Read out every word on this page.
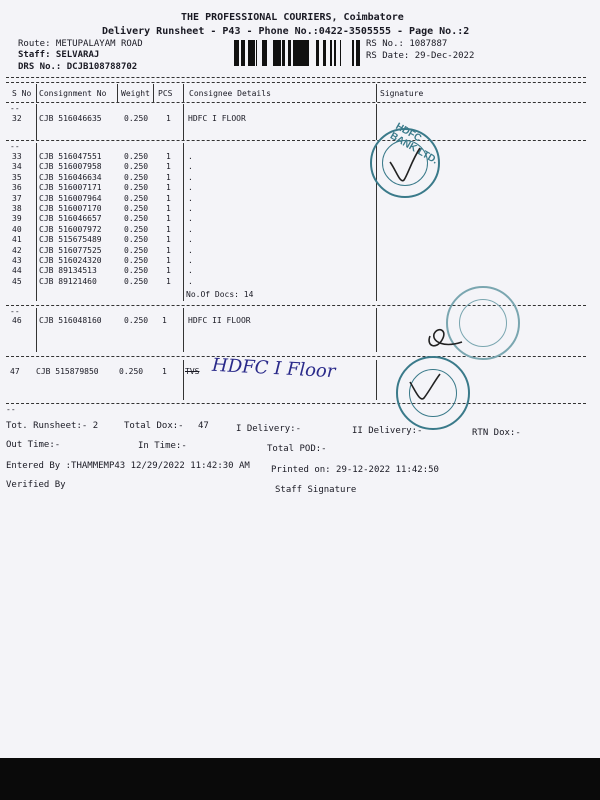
THE PROFESSIONAL COURIERS, Coimbatore
Delivery Runsheet - P43 - Phone No.:0422-3505555 - Page No.:2
Route: METUPALAYAM ROAD
Staff: SELVARAJ
DRS No.: DCJB108788702
RS No.: 1087887
RS Date: 29-Dec-2022
S No Consignment No Weight PCS Consignee Details	Signature
--
32 CJB 516046635	0.250 1 HDFC I FLOOR
--
33 CJB 516047551	0.250 1 .
34 CJB 516007958	0.250 1 .
35 CJB 516046634	0.250 1 .
36 CJB 516007171	0.250 1 .
37 CJB 516007964	0.250 1 .
38 CJB 516007170	0.250 1 .
39 CJB 516046657	0.250 1 .
40 CJB 516007972	0.250 1 .
41 CJB 515675489	0.250 1 .
42 CJB 516077525	0.250 1 .
43 CJB 516024320	0.250 1 .
44 CJB 89134513	0.250 1 .
45 CJB 89121460	0.250 1 .
No.Of Docs: 14
--
46 CJB 516048160	0.250 1	HDFC II FLOOR
47 CJB 515879850	0.250 1 TVS HDFC I Floor
--
HDFC BANK LTD.
Tot. Runsheet:- 2	Total Dox:- 47	I Delivery:-	II Delivery:-	RTN Dox:-
Out Time:-	In Time:-	Total POD:-
Entered By :THAMMEMP43 12/29/2022 11:42:30 AM Printed on: 29-12-2022 11:42:50
Verified By	Staff Signature
